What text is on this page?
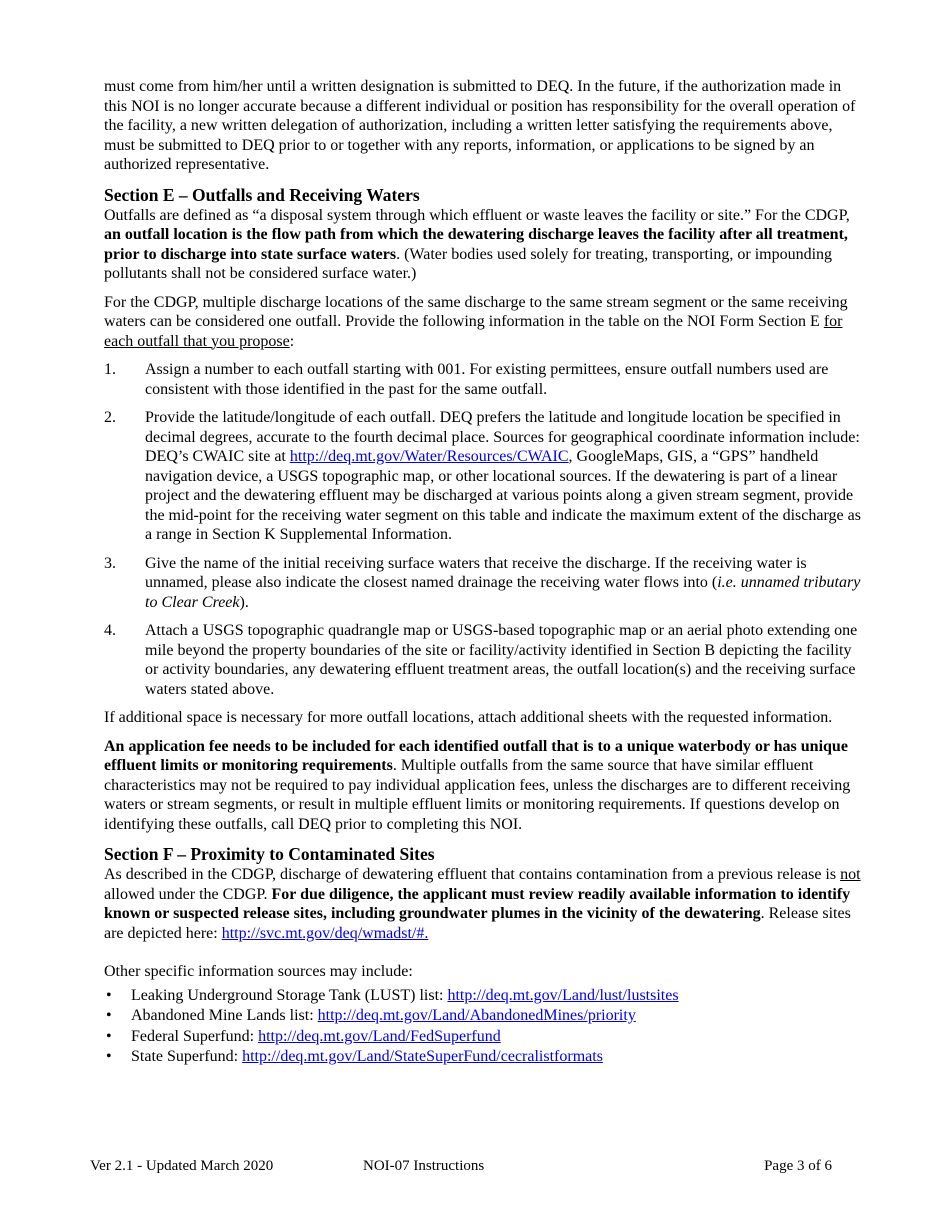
must come from him/her until a written designation is submitted to DEQ. In the future, if the authorization made in this NOI is no longer accurate because a different individual or position has responsibility for the overall operation of the facility, a new written delegation of authorization, including a written letter satisfying the requirements above, must be submitted to DEQ prior to or together with any reports, information, or applications to be signed by an authorized representative.

Section E – Outfalls and Receiving Waters

Outfalls are defined as “a disposal system through which effluent or waste leaves the facility or site.” For the CDGP, an outfall location is the flow path from which the dewatering discharge leaves the facility after all treatment, prior to discharge into state surface waters. (Water bodies used solely for treating, transporting, or impounding pollutants shall not be considered surface water.)

For the CDGP, multiple discharge locations of the same discharge to the same stream segment or the same receiving waters can be considered one outfall. Provide the following information in the table on the NOI Form Section E for each outfall that you propose:

1. Assign a number to each outfall starting with 001. For existing permittees, ensure outfall numbers used are consistent with those identified in the past for the same outfall.
2. Provide the latitude/longitude of each outfall. DEQ prefers the latitude and longitude location be specified in decimal degrees, accurate to the fourth decimal place. Sources for geographical coordinate information include: DEQ’s CWAIC site at http://deq.mt.gov/Water/Resources/CWAIC, GoogleMaps, GIS, a “GPS” handheld navigation device, a USGS topographic map, or other locational sources. If the dewatering is part of a linear project and the dewatering effluent may be discharged at various points along a given stream segment, provide the mid-point for the receiving water segment on this table and indicate the maximum extent of the discharge as a range in Section K Supplemental Information.
3. Give the name of the initial receiving surface waters that receive the discharge. If the receiving water is unnamed, please also indicate the closest named drainage the receiving water flows into (i.e. unnamed tributary to Clear Creek).
4. Attach a USGS topographic quadrangle map or USGS-based topographic map or an aerial photo extending one mile beyond the property boundaries of the site or facility/activity identified in Section B depicting the facility or activity boundaries, any dewatering effluent treatment areas, the outfall location(s) and the receiving surface waters stated above.

If additional space is necessary for more outfall locations, attach additional sheets with the requested information.

An application fee needs to be included for each identified outfall that is to a unique waterbody or has unique effluent limits or monitoring requirements. Multiple outfalls from the same source that have similar effluent characteristics may not be required to pay individual application fees, unless the discharges are to different receiving waters or stream segments, or result in multiple effluent limits or monitoring requirements. If questions develop on identifying these outfalls, call DEQ prior to completing this NOI.

Section F – Proximity to Contaminated Sites

As described in the CDGP, discharge of dewatering effluent that contains contamination from a previous release is not allowed under the CDGP. For due diligence, the applicant must review readily available information to identify known or suspected release sites, including groundwater plumes in the vicinity of the dewatering. Release sites are depicted here: http://svc.mt.gov/deq/wmadst/#.

Other specific information sources may include:

• Leaking Underground Storage Tank (LUST) list: http://deq.mt.gov/Land/lust/lustsites
• Abandoned Mine Lands list: http://deq.mt.gov/Land/AbandonedMines/priority
• Federal Superfund: http://deq.mt.gov/Land/FedSuperfund
• State Superfund: http://deq.mt.gov/Land/StateSuperFund/cecralistformats
Ver 2.1 - Updated March 2020	NOI-07 Instructions	Page 3 of 6
